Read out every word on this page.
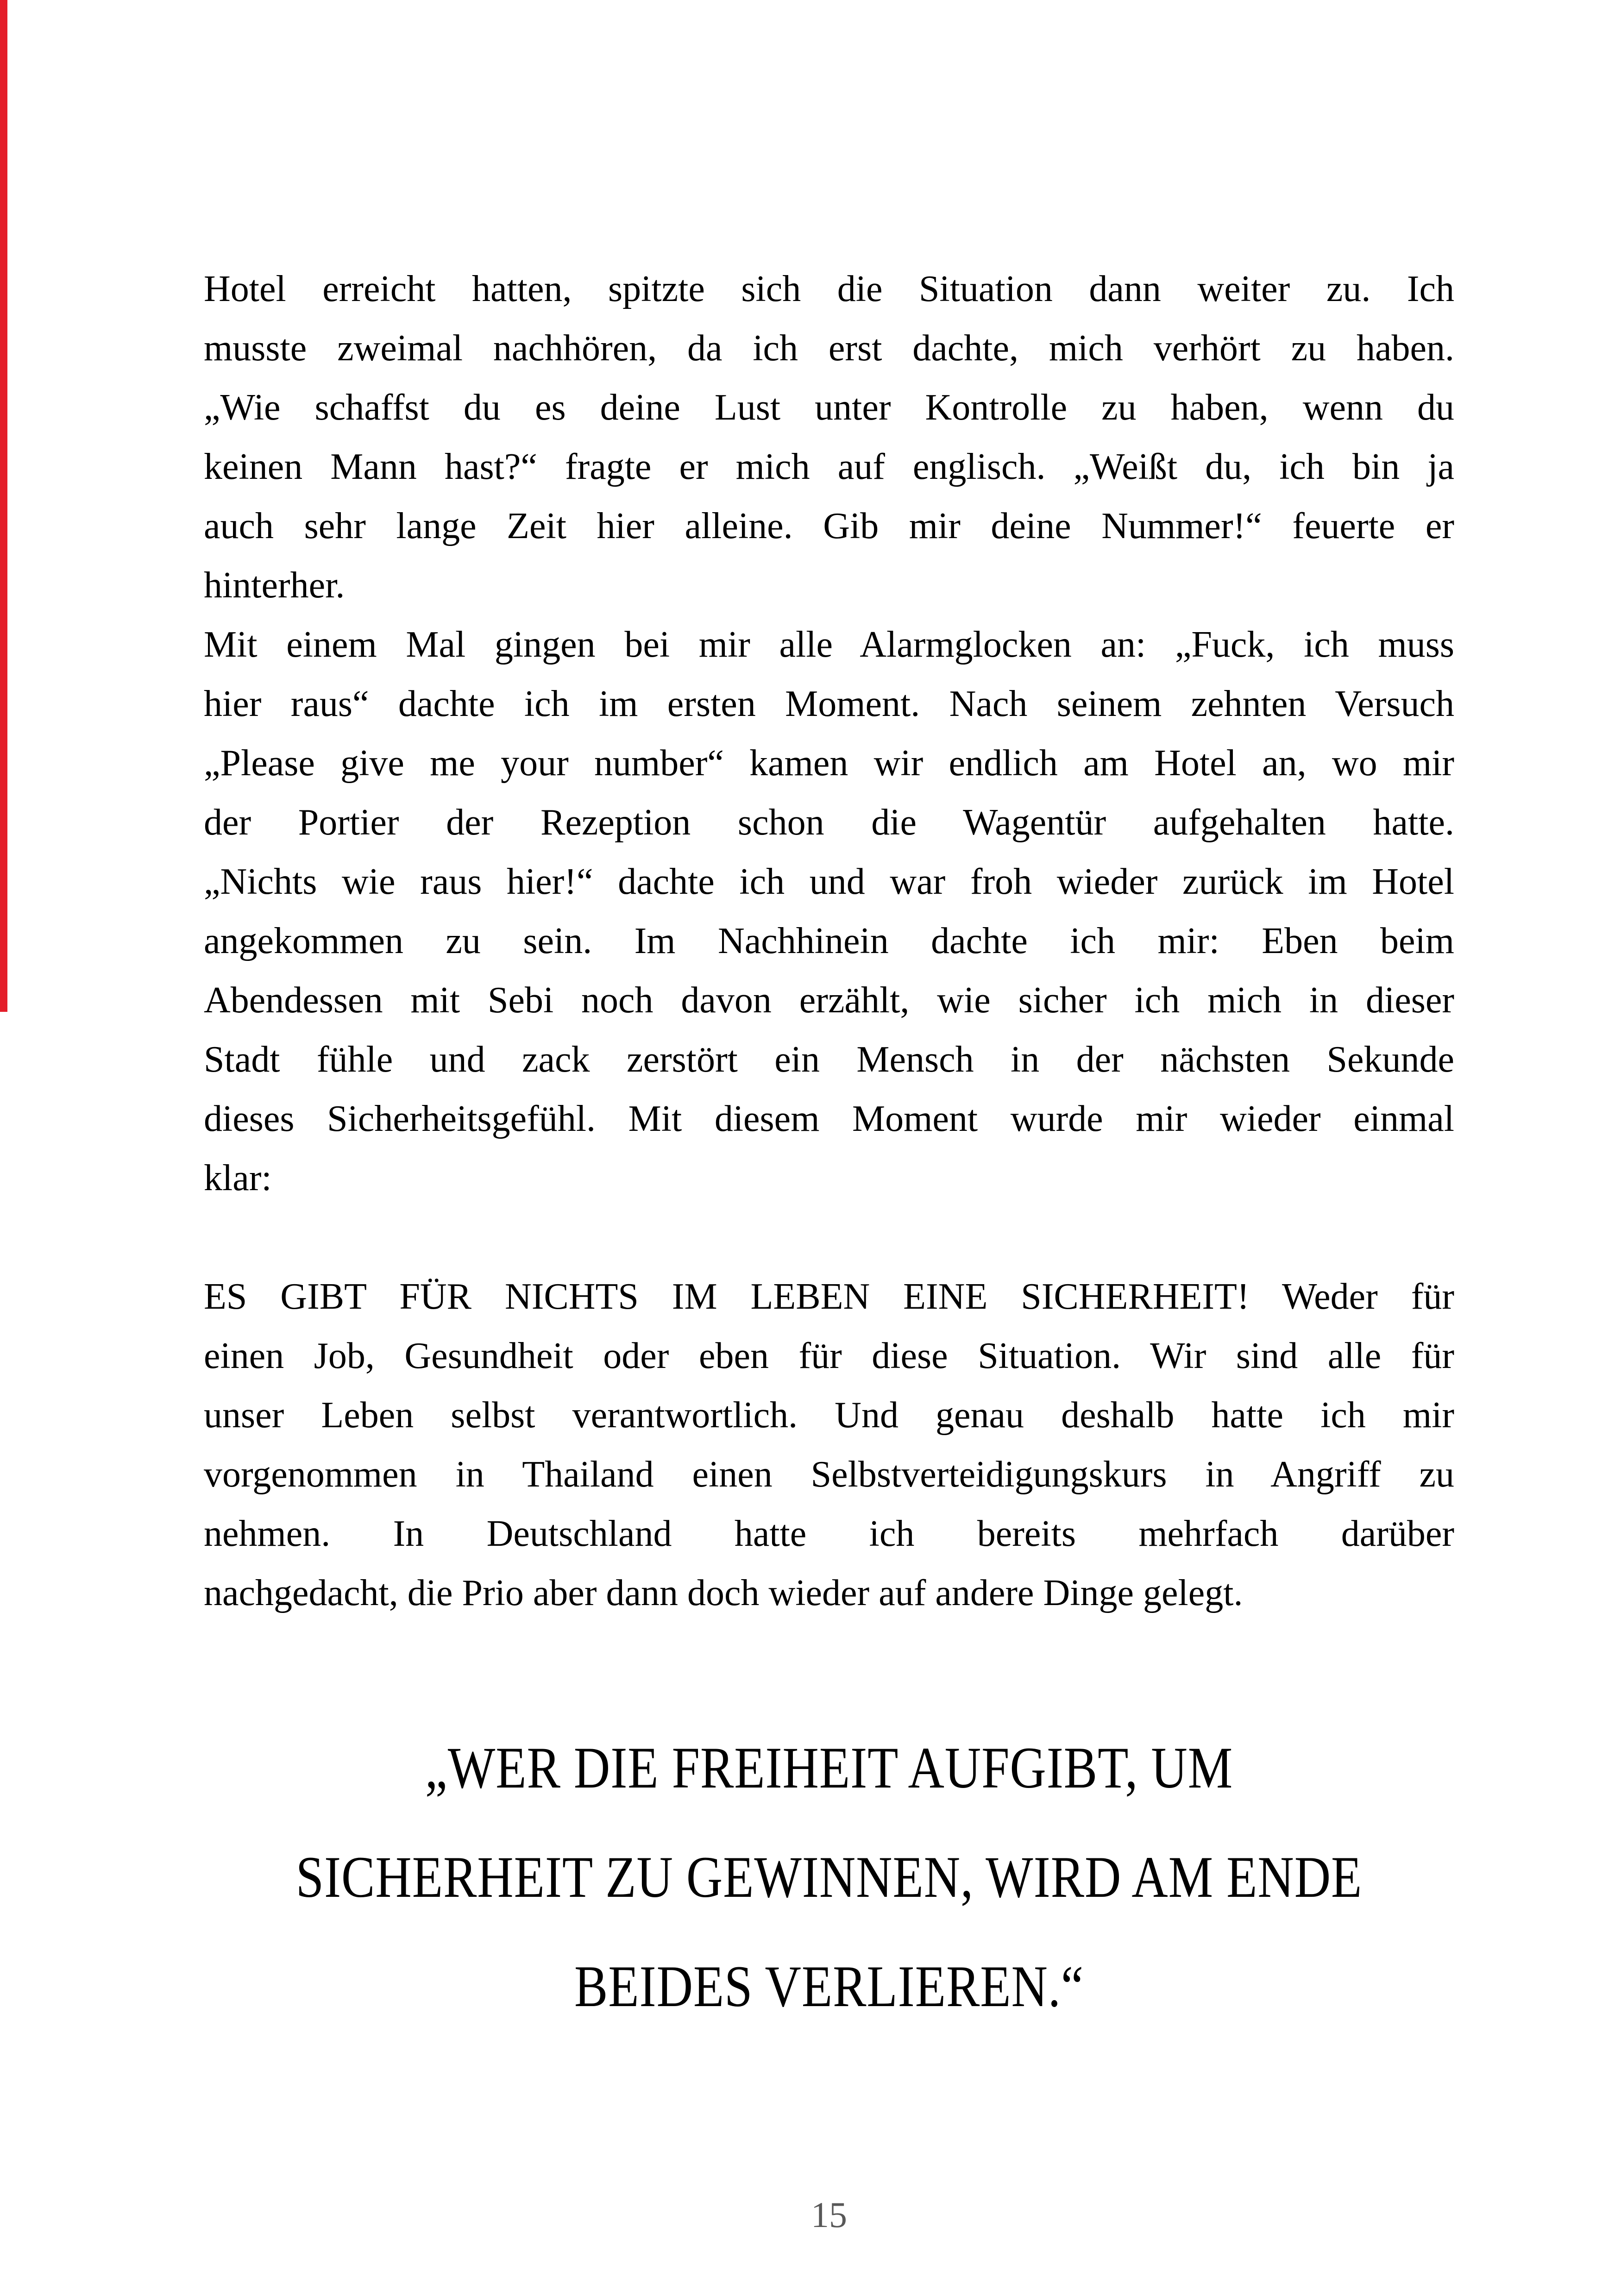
Hotel erreicht hatten, spitzte sich die Situation dann weiter zu. Ich
musste zweimal nachhören, da ich erst dachte, mich verhört zu haben.
„Wie schaffst du es deine Lust unter Kontrolle zu haben, wenn du
keinen Mann hast?“ fragte er mich auf englisch. „Weißt du, ich bin ja
auch sehr lange Zeit hier alleine. Gib mir deine Nummer!“ feuerte er
hinterher.
Mit einem Mal gingen bei mir alle Alarmglocken an: „Fuck, ich muss
hier raus“ dachte ich im ersten Moment. Nach seinem zehnten Versuch
„Please give me your number“ kamen wir endlich am Hotel an, wo mir
der Portier der Rezeption schon die Wagentür aufgehalten hatte.
„Nichts wie raus hier!“ dachte ich und war froh wieder zurück im Hotel
angekommen zu sein. Im Nachhinein dachte ich mir: Eben beim
Abendessen mit Sebi noch davon erzählt, wie sicher ich mich in dieser
Stadt fühle und zack zerstört ein Mensch in der nächsten Sekunde
dieses Sicherheitsgefühl. Mit diesem Moment wurde mir wieder einmal
klar:
ES GIBT FÜR NICHTS IM LEBEN EINE SICHERHEIT! Weder für
einen Job, Gesundheit oder eben für diese Situation. Wir sind alle für
unser Leben selbst verantwortlich. Und genau deshalb hatte ich mir
vorgenommen in Thailand einen Selbstverteidigungskurs in Angriff zu
nehmen. In Deutschland hatte ich bereits mehrfach darüber
nachgedacht, die Prio aber dann doch wieder auf andere Dinge gelegt.
„WER DIE FREIHEIT AUFGIBT, UM
SICHERHEIT ZU GEWINNEN, WIRD AM ENDE
BEIDES VERLIEREN.“
15
